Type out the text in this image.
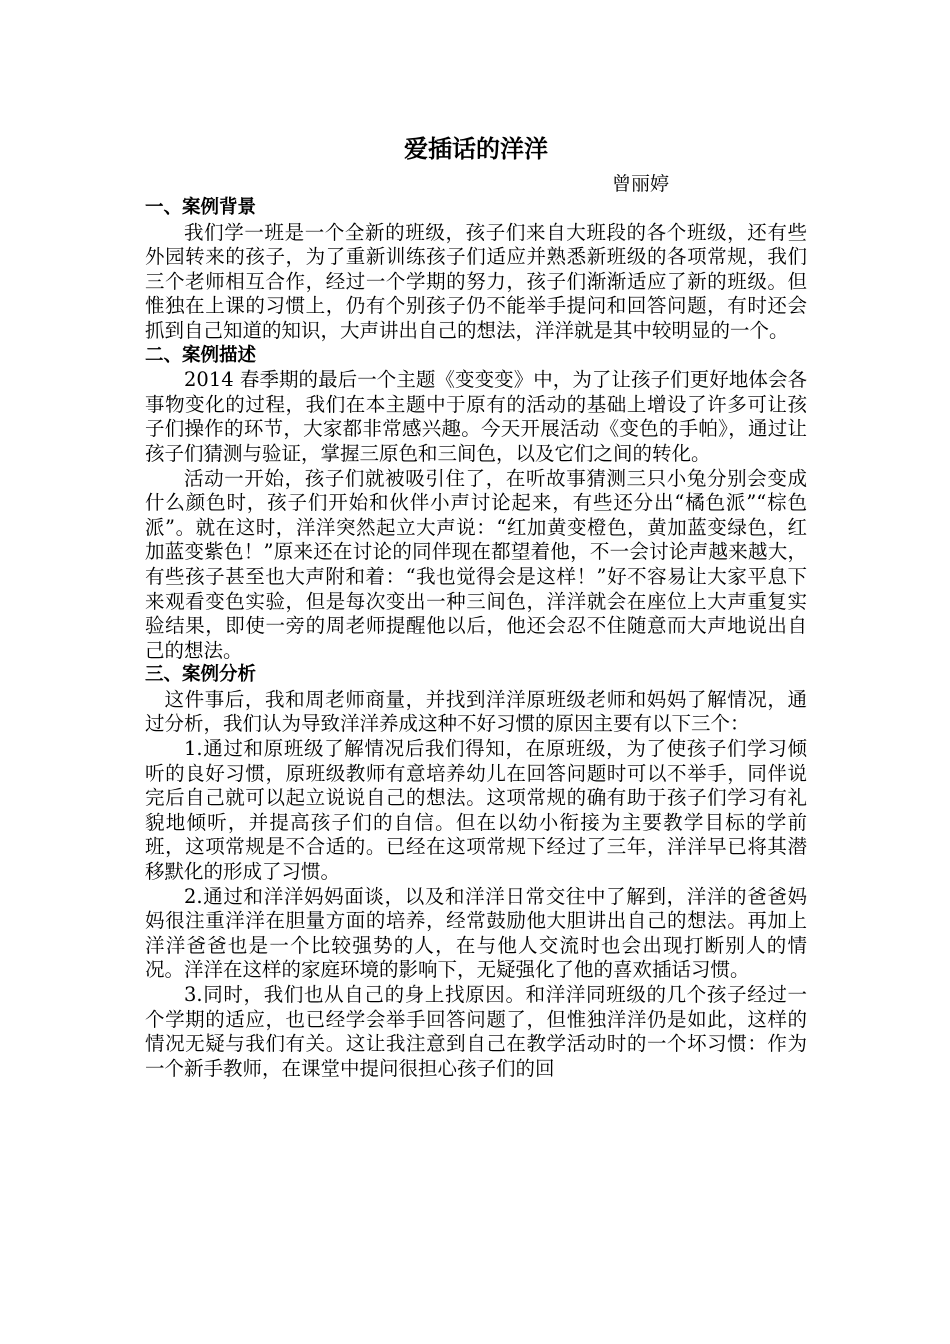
爱插话的洋洋

曾丽婷

一、案例背景

我们学一班是一个全新的班级，孩子们来自大班段的各个班级，还有些外园转来的孩子，为了重新训练孩子们适应并熟悉新班级的各项常规，我们三个老师相互合作，经过一个学期的努力，孩子们渐渐适应了新的班级。但惟独在上课的习惯上，仍有个别孩子仍不能举手提问和回答问题，有时还会抓到自己知道的知识，大声讲出自己的想法，洋洋就是其中较明显的一个。

二、案例描述

2014 春季期的最后一个主题《变变变》中，为了让孩子们更好地体会各事物变化的过程，我们在本主题中于原有的活动的基础上增设了许多可让孩子们操作的环节，大家都非常感兴趣。今天开展活动《变色的手帕》，通过让孩子们猜测与验证，掌握三原色和三间色，以及它们之间的转化。

活动一开始，孩子们就被吸引住了，在听故事猜测三只小兔分别会变成什么颜色时，孩子们开始和伙伴小声讨论起来，有些还分出“橘色派”“棕色派”。就在这时，洋洋突然起立大声说：“红加黄变橙色，黄加蓝变绿色，红加蓝变紫色！”原来还在讨论的同伴现在都望着他，不一会讨论声越来越大，有些孩子甚至也大声附和着：“我也觉得会是这样！”好不容易让大家平息下来观看变色实验，但是每次变出一种三间色，洋洋就会在座位上大声重复实验结果，即使一旁的周老师提醒他以后，他还会忍不住随意而大声地说出自己的想法。

三、案例分析

这件事后，我和周老师商量，并找到洋洋原班级老师和妈妈了解情况，通过分析，我们认为导致洋洋养成这种不好习惯的原因主要有以下三个：

1.通过和原班级了解情况后我们得知，在原班级，为了使孩子们学习倾听的良好习惯，原班级教师有意培养幼儿在回答问题时可以不举手，同伴说完后自己就可以起立说说自己的想法。这项常规的确有助于孩子们学习有礼貌地倾听，并提高孩子们的自信。但在以幼小衔接为主要教学目标的学前班，这项常规是不合适的。已经在这项常规下经过了三年，洋洋早已将其潜移默化的形成了习惯。

2.通过和洋洋妈妈面谈，以及和洋洋日常交往中了解到，洋洋的爸爸妈妈很注重洋洋在胆量方面的培养，经常鼓励他大胆讲出自己的想法。再加上洋洋爸爸也是一个比较强势的人，在与他人交流时也会出现打断别人的情况。洋洋在这样的家庭环境的影响下，无疑强化了他的喜欢插话习惯。

3.同时，我们也从自己的身上找原因。和洋洋同班级的几个孩子经过一个学期的适应，也已经学会举手回答问题了，但惟独洋洋仍是如此，这样的情况无疑与我们有关。这让我注意到自己在教学活动时的一个坏习惯：作为一个新手教师，在课堂中提问很担心孩子们的回
